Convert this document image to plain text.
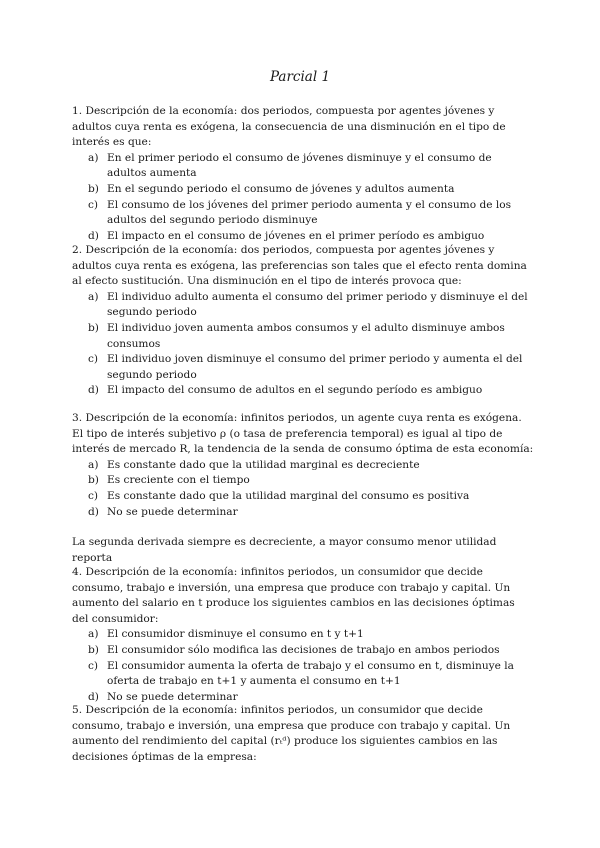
Parcial 1

1. Descripción de la economía: dos periodos, compuesta por agentes jóvenes y adultos cuya renta es exógena, la consecuencia de una disminución en el tipo de interés es que:

a) En el primer periodo el consumo de jóvenes disminuye y el consumo de adultos aumenta
b) En el segundo periodo el consumo de jóvenes y adultos aumenta
c) El consumo de los jóvenes del primer periodo aumenta y el consumo de los adultos del segundo periodo disminuye
d) El impacto en el consumo de jóvenes en el primer período es ambiguo

2. Descripción de la economía: dos periodos, compuesta por agentes jóvenes y adultos cuya renta es exógena, las preferencias son tales que el efecto renta domina al efecto sustitución. Una disminución en el tipo de interés provoca que:

a) El individuo adulto aumenta el consumo del primer periodo y disminuye el del segundo periodo
b) El individuo joven aumenta ambos consumos y el adulto disminuye ambos consumos
c) El individuo joven disminuye el consumo del primer periodo y aumenta el del segundo periodo
d) El impacto del consumo de adultos en el segundo período es ambiguo

3. Descripción de la economía: infinitos periodos, un agente cuya renta es exógena. El tipo de interés subjetivo ρ (o tasa de preferencia temporal) es igual al tipo de interés de mercado R, la tendencia de la senda de consumo óptima de esta economía:

a) Es constante dado que la utilidad marginal es decreciente
b) Es creciente con el tiempo
c) Es constante dado que la utilidad marginal del consumo es positiva
d) No se puede determinar
La segunda derivada siempre es decreciente, a mayor consumo menor utilidad reporta

4. Descripción de la economía: infinitos periodos, un consumidor que decide consumo, trabajo e inversión, una empresa que produce con trabajo y capital. Un aumento del salario en t produce los siguientes cambios en las decisiones óptimas del consumidor:

a) El consumidor disminuye el consumo en t y t+1
b) El consumidor sólo modifica las decisiones de trabajo en ambos periodos
c) El consumidor aumenta la oferta de trabajo y el consumo en t, disminuye la oferta de trabajo en t+1 y aumenta el consumo en t+1
d) No se puede determinar

5. Descripción de la economía: infinitos periodos, un consumidor que decide consumo, trabajo e inversión, una empresa que produce con trabajo y capital. Un aumento del rendimiento del capital (rₜᵈ) produce los siguientes cambios en las decisiones óptimas de la empresa:
